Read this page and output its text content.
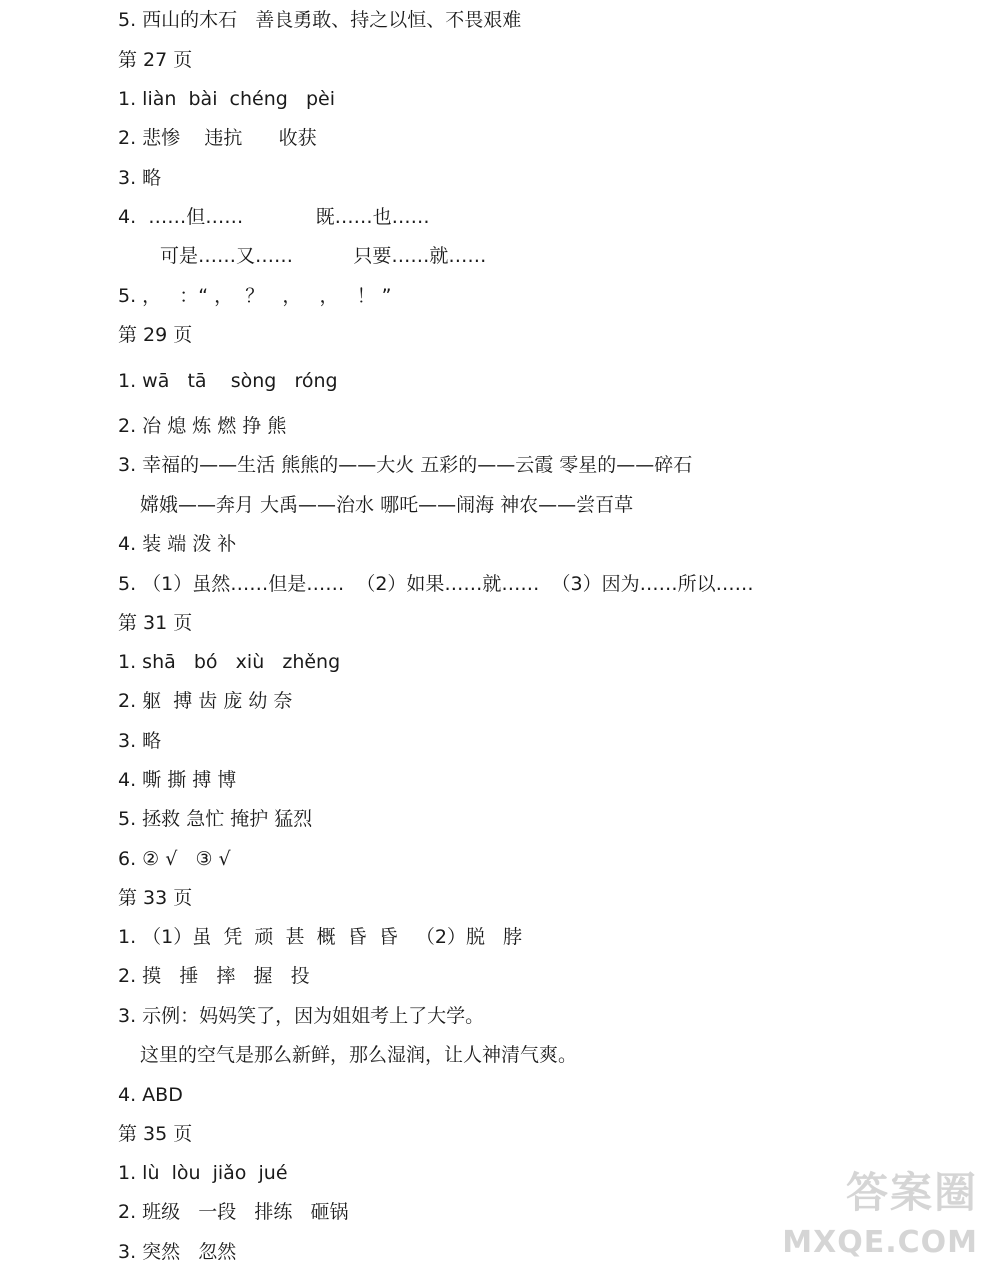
5. 西山的木石   善良勇敢、持之以恒、不畏艰难
第 27 页
1. liàn  bài  chéng   pèi
2. 悲惨    违抗      收获
3. 略
4.  ……但……            既……也……
可是……又……          只要……就……
5. ，   ：“ ，  ？   ，   ，   ！ ”
第 29 页
1. wā   tā    sòng   róng
2. 冶 熄 炼 燃 挣 熊
3. 幸福的——生活 熊熊的——大火 五彩的——云霞 零星的——碎石
嫦娥——奔月 大禹——治水 哪吒——闹海 神农——尝百草
4. 装 端 泼 补
5. （1）虽然……但是……  （2）如果……就……  （3）因为……所以……
第 31 页
1. shā   bó   xiù   zhěng
2. 躯  搏 齿 庞 幼 奈
3. 略
4. 嘶 撕 搏 博
5. 拯救 急忙 掩护 猛烈
6. ② √   ③ √
第 33 页
1. （1）虽  凭  顽  甚  概  昏  昏   （2）脱   脖
2. 摸   捶   摔   握   投
3. 示例：妈妈笑了，因为姐姐考上了大学。
这里的空气是那么新鲜，那么湿润，让人神清气爽。
4. ABD
第 35 页
1. lù  lòu  jiǎo  jué
2. 班级   一段   排练   砸锅
3. 突然   忽然
答案圈
MXQE.COM
